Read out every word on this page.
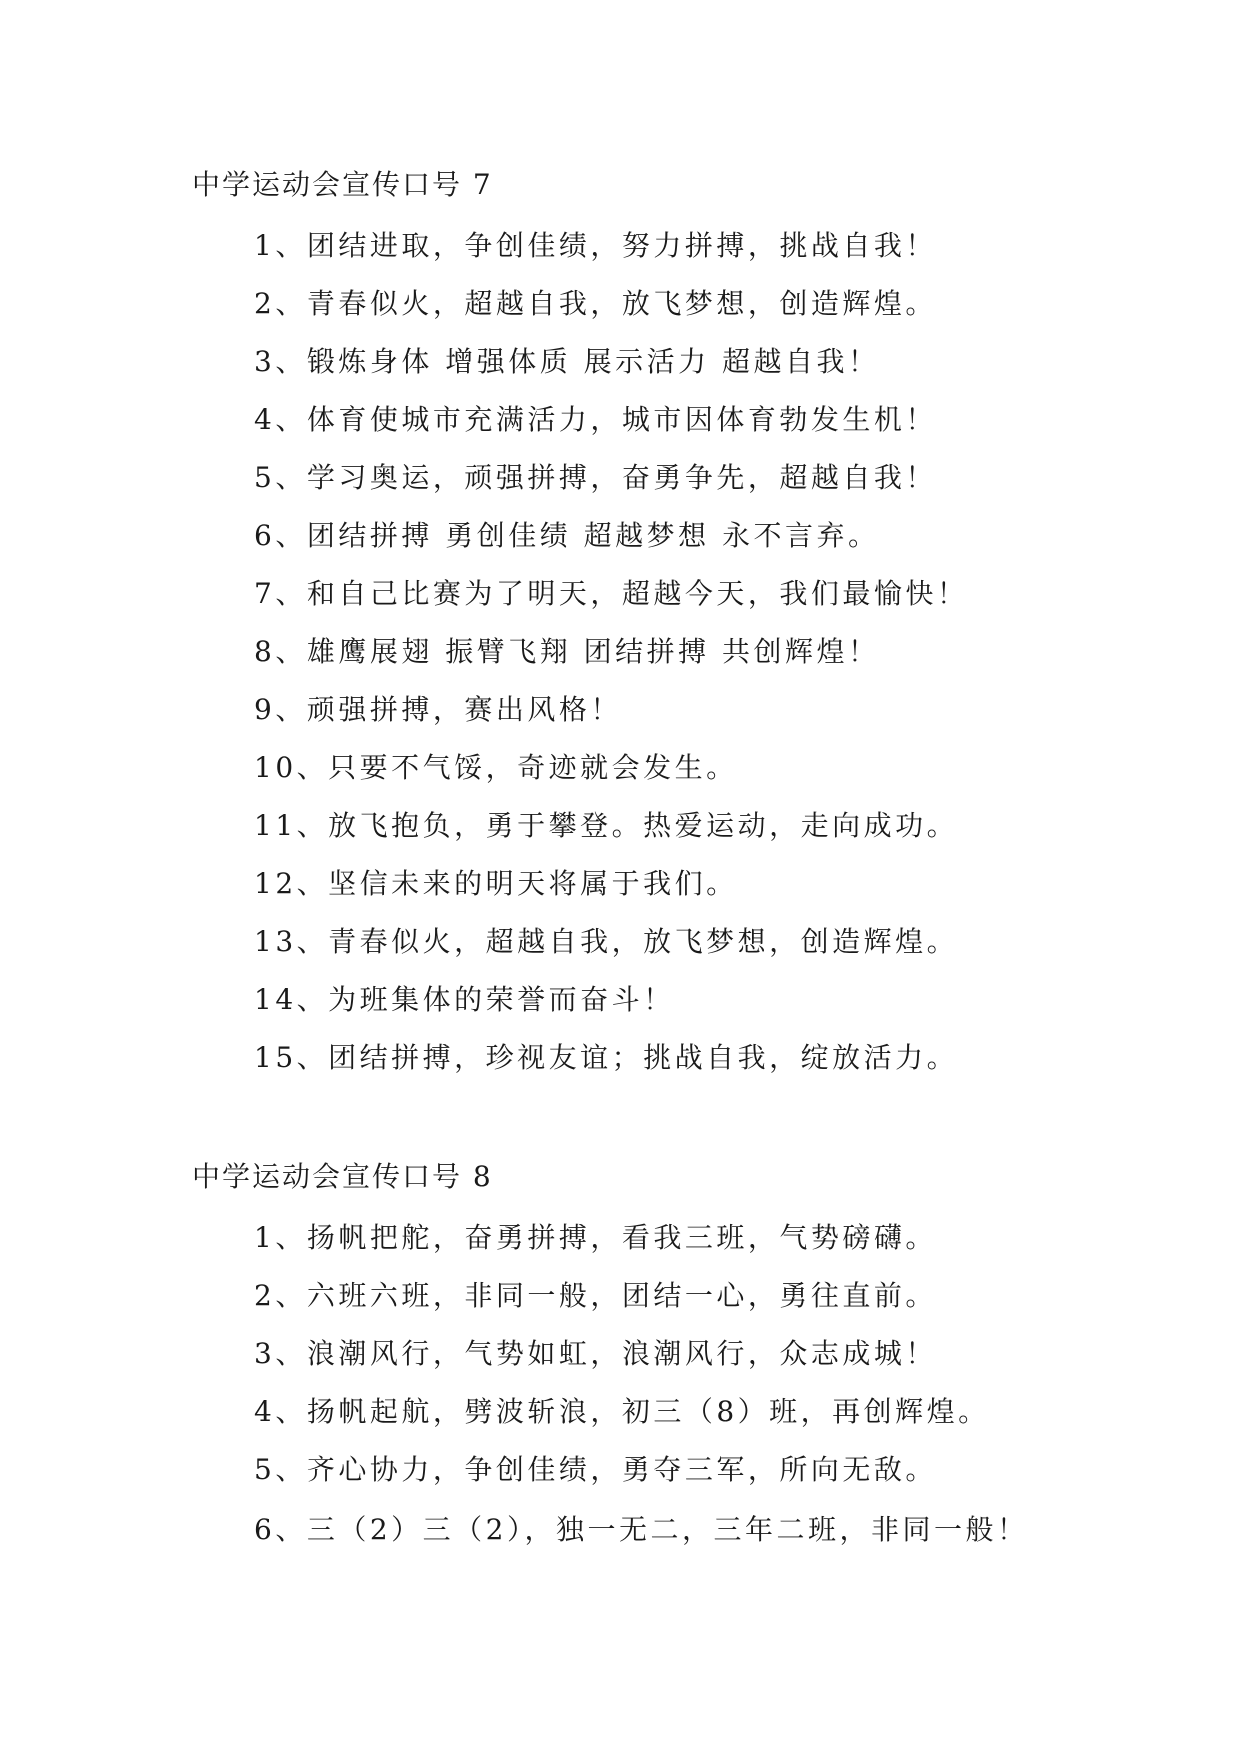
中学运动会宣传口号 7
1、团结进取，争创佳绩，努力拼搏，挑战自我！
2、青春似火，超越自我，放飞梦想，创造辉煌。
3、锻炼身体 增强体质 展示活力 超越自我！
4、体育使城市充满活力，城市因体育勃发生机！
5、学习奥运，顽强拼搏，奋勇争先，超越自我！
6、团结拼搏 勇创佳绩 超越梦想 永不言弃。
7、和自己比赛为了明天，超越今天，我们最愉快！
8、雄鹰展翅 振臂飞翔 团结拼搏 共创辉煌！
9、顽强拼搏，赛出风格！
10、只要不气馁，奇迹就会发生。
11、放飞抱负，勇于攀登。热爱运动，走向成功。
12、坚信未来的明天将属于我们。
13、青春似火，超越自我，放飞梦想，创造辉煌。
14、为班集体的荣誉而奋斗！
15、团结拼搏，珍视友谊；挑战自我，绽放活力。
中学运动会宣传口号 8
1、扬帆把舵，奋勇拼搏，看我三班，气势磅礴。
2、六班六班，非同一般，团结一心，勇往直前。
3、浪潮风行，气势如虹，浪潮风行，众志成城！
4、扬帆起航，劈波斩浪，初三（8）班，再创辉煌。
5、齐心协力，争创佳绩，勇夺三军，所向无敌。
6、三（2）三（2），独一无二，三年二班，非同一般！
